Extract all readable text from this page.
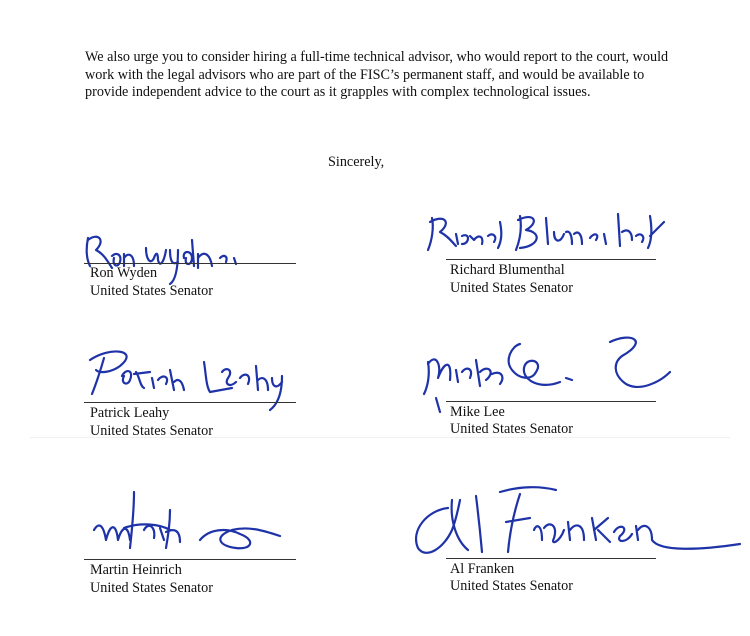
We also urge you to consider hiring a full-time technical advisor, who would report to the court, would work with the legal advisors who are part of the FISC’s permanent staff, and would be available to provide independent advice to the court as it grapples with complex technological issues.

Sincerely,

Ron Wyden
United States Senator
Richard Blumenthal
United States Senator
Patrick Leahy
United States Senator
Mike Lee
United States Senator
Martin Heinrich
United States Senator
Al Franken
United States Senator
